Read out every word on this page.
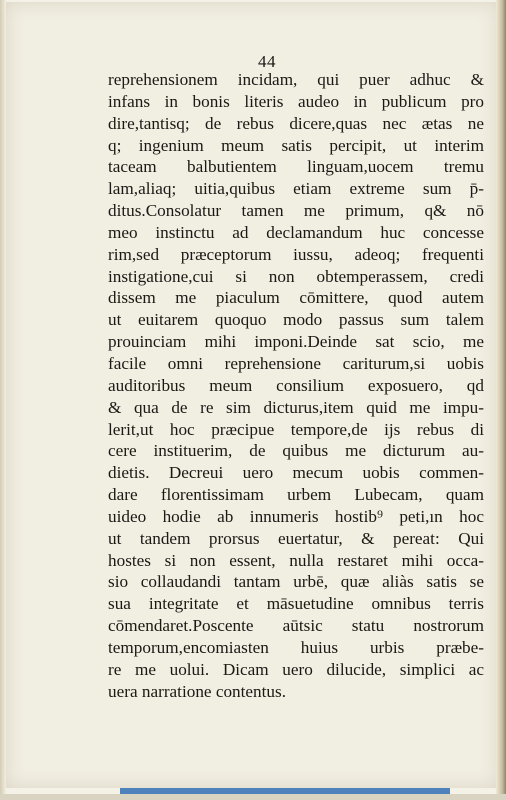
44
reprehensionem incidam, qui puer adhuc &
infans in bonis literis audeo in publicum pro
dire,tantisq; de rebus dicere,quas nec ætas ne
q; ingenium meum satis percipit, ut interim
taceam balbutientem linguam,uocem tremu
lam,aliaq; uitia,quibus etiam extreme sum p̄-
ditus.Consolatur tamen me primum, q& nō
meo instinctu ad declamandum huc concesse
rim,sed præceptorum iussu, adeoq; frequenti
instigatione,cui si non obtemperassem, credi
dissem me piaculum cōmittere, quod autem
ut euitarem quoquo modo passus sum talem
prouinciam mihi imponi.Deinde sat scio, me
facile omni reprehensione cariturum,si uobis
auditoribus meum consilium exposuero, qd
& qua de re sim dicturus,item quid me impu-
lerit,ut hoc præcipue tempore,de ijs rebus di
cere instituerim, de quibus me dicturum au-
dietis. Decreui uero mecum uobis commen-
dare florentissimam urbem Lubecam, quam
uideo hodie ab innumeris hostib⁹ peti,ın hoc
ut tandem prorsus euertatur, & pereat: Qui
hostes si non essent, nulla restaret mihi occa-
sio collaudandi tantam urbē, quæ aliàs satis se
sua integritate et māsuetudine omnibus terris
cōmendaret.Poscente aūtsic statu nostrorum
temporum,encomiasten huius urbis præbe-
re me uolui. Dicam uero dilucide, simplici ac
uera narratione contentus.
